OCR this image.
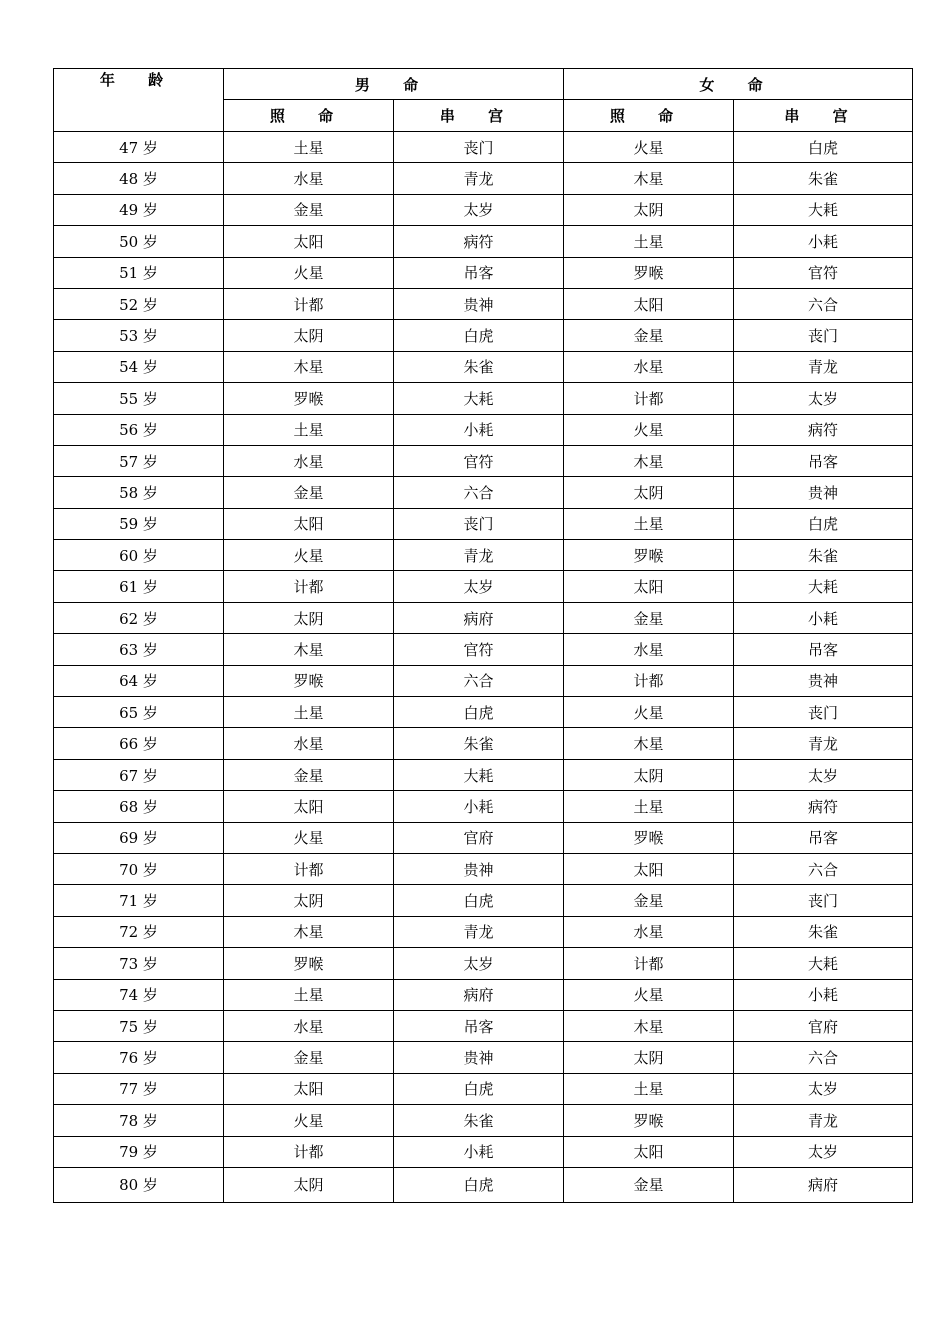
年 龄	男 命		女 命	
	照 命	串 宫	照 命	串 宫
47 岁	土星	丧门	火星	白虎
48 岁	水星	青龙	木星	朱雀
49 岁	金星	太岁	太阴	大耗
50 岁	太阳	病符	土星	小耗
51 岁	火星	吊客	罗喉	官符
52 岁	计都	贵神	太阳	六合
53 岁	太阴	白虎	金星	丧门
54 岁	木星	朱雀	水星	青龙
55 岁	罗喉	大耗	计都	太岁
56 岁	土星	小耗	火星	病符
57 岁	水星	官符	木星	吊客
58 岁	金星	六合	太阴	贵神
59 岁	太阳	丧门	土星	白虎
60 岁	火星	青龙	罗喉	朱雀
61 岁	计都	太岁	太阳	大耗
62 岁	太阴	病府	金星	小耗
63 岁	木星	官符	水星	吊客
64 岁	罗喉	六合	计都	贵神
65 岁	土星	白虎	火星	丧门
66 岁	水星	朱雀	木星	青龙
67 岁	金星	大耗	太阴	太岁
68 岁	太阳	小耗	土星	病符
69 岁	火星	官府	罗喉	吊客
70 岁	计都	贵神	太阳	六合
71 岁	太阴	白虎	金星	丧门
72 岁	木星	青龙	水星	朱雀
73 岁	罗喉	太岁	计都	大耗
74 岁	土星	病府	火星	小耗
75 岁	水星	吊客	木星	官府
76 岁	金星	贵神	太阴	六合
77 岁	太阳	白虎	土星	太岁
78 岁	火星	朱雀	罗喉	青龙
79 岁	计都	小耗	太阳	太岁
80 岁	太阴	白虎	金星	病府
